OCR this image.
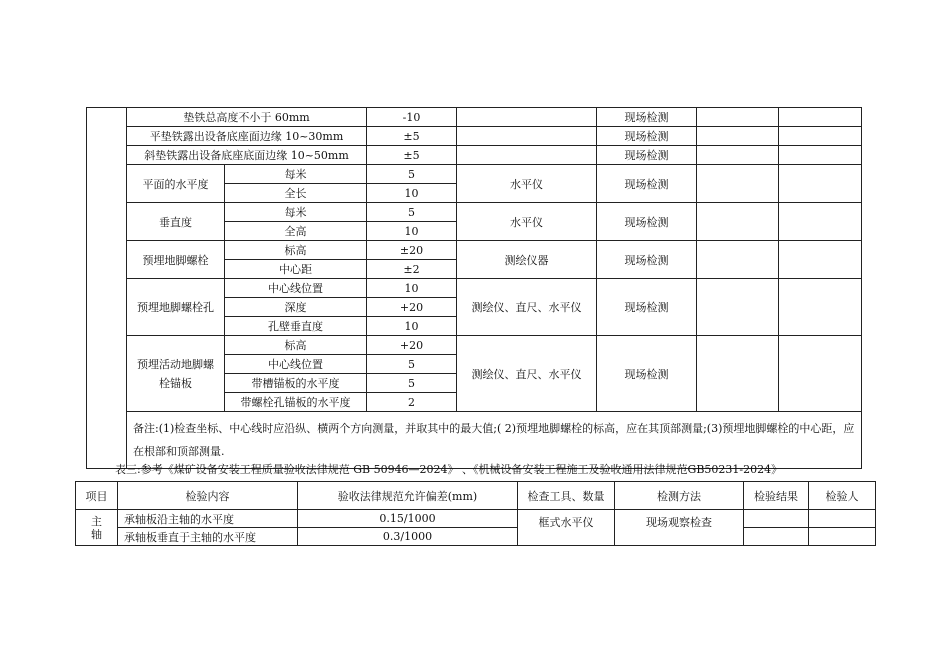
	垫铁总高度不小于 60mm		-10		现场检测		
	平垫铁露出设备底座面边缘 10~30mm		±5		现场检测		
	斜垫铁露出设备底座底面边缘 10~50mm		±5		现场检测		
	平面的水平度	每米	5	水平仪	现场检测		
		全长	10				
	垂直度	每米	5	水平仪	现场检测		
		全高	10				
	预埋地脚螺栓	标高	±20	测绘仪器	现场检测		
		中心距	±2				
	预埋地脚螺栓孔	中心线位置	10	测绘仪、直尺、水平仪	现场检测		
		深度	+20				
		孔壁垂直度	10				
	预埋活动地脚螺栓锚板	标高	+20	测绘仪、直尺、水平仪	现场检测		
		中心线位置	5				
		带槽锚板的水平度	5				
		带螺栓孔锚板的水平度	2				
	备注:(1)检查坐标、中心线时应沿纵、横两个方向测量，并取其中的最大值;( 2)预埋地脚螺栓的标高，应在其顶部测量;(3)预埋地脚螺栓的中心距，应在根部和顶部测量.						
表三:参考《煤矿设备安装工程质量验收法律规范 GB 50946—2024》 、《机械设备安装工程施工及验收通用法律规范GB50231-2024》
项目	检验内容	验收法律规范允许偏差(mm)	检查工具、数量	检测方法	检验结果	检验人
主轴	承轴板沿主轴的水平度	0.15/1000	框式水平仪	现场观察检查		
	承轴板垂直于主轴的水平度	0.3/1000				
